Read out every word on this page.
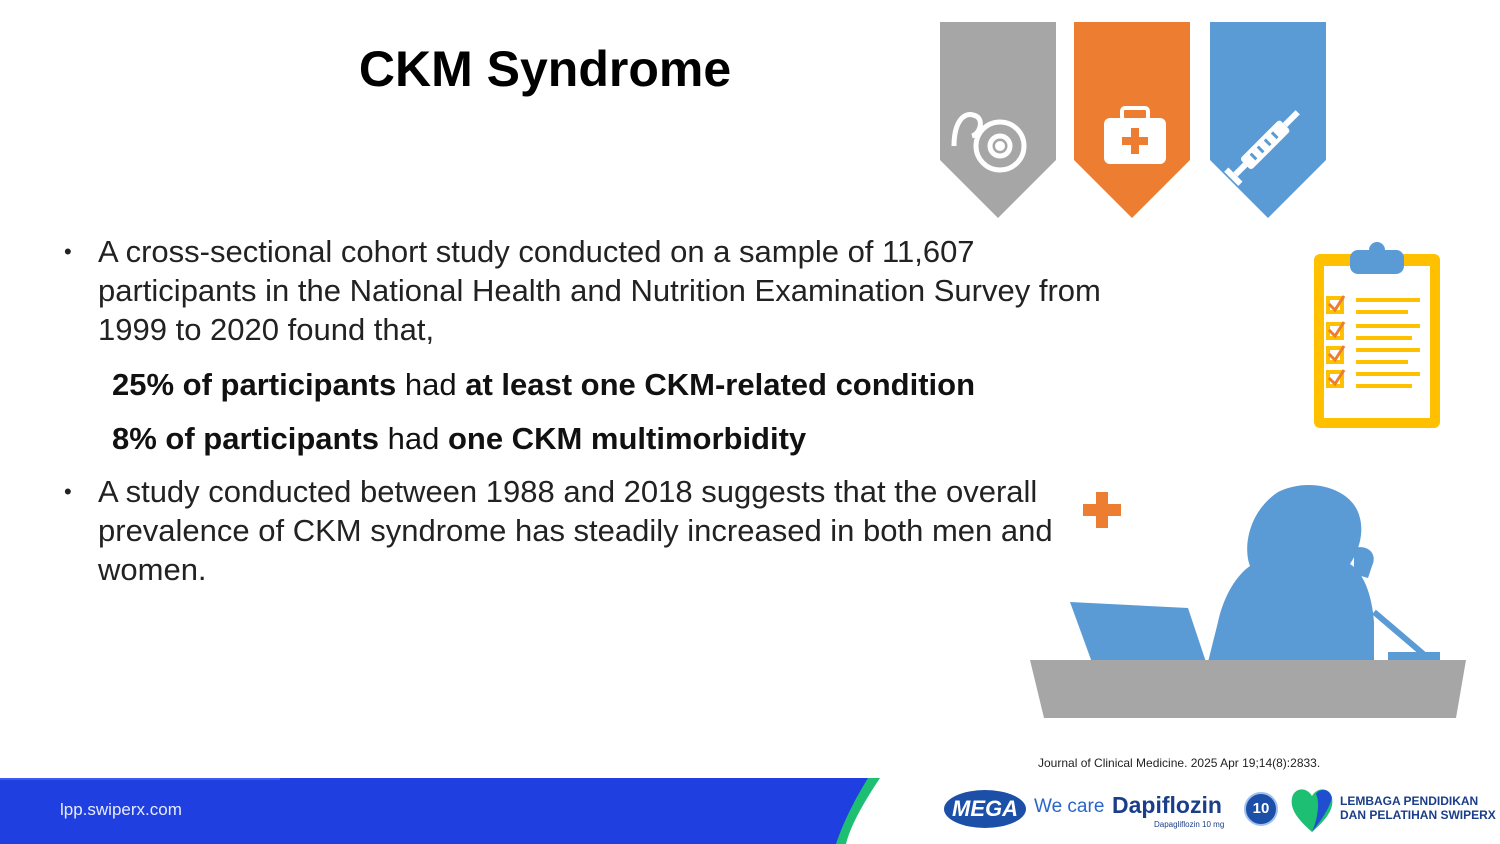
CKM Syndrome
• A cross-sectional cohort study conducted on a sample of 11,607 participants in the National Health and Nutrition Examination Survey from 1999 to 2020 found that,
25% of participants had at least one CKM-related condition
8% of participants had one CKM multimorbidity
• A study conducted between 1988 and 2018 suggests that the overall prevalence of CKM syndrome has steadily increased in both men and women.
Journal of Clinical Medicine. 2025 Apr 19;14(8):2833.
lpp.swiperx.com	MEGA We care Dapiflozin
Dapagliflozin 10 mg
10	LEMBAGA PENDIDIKAN
DAN PELATIHAN SWIPERX
